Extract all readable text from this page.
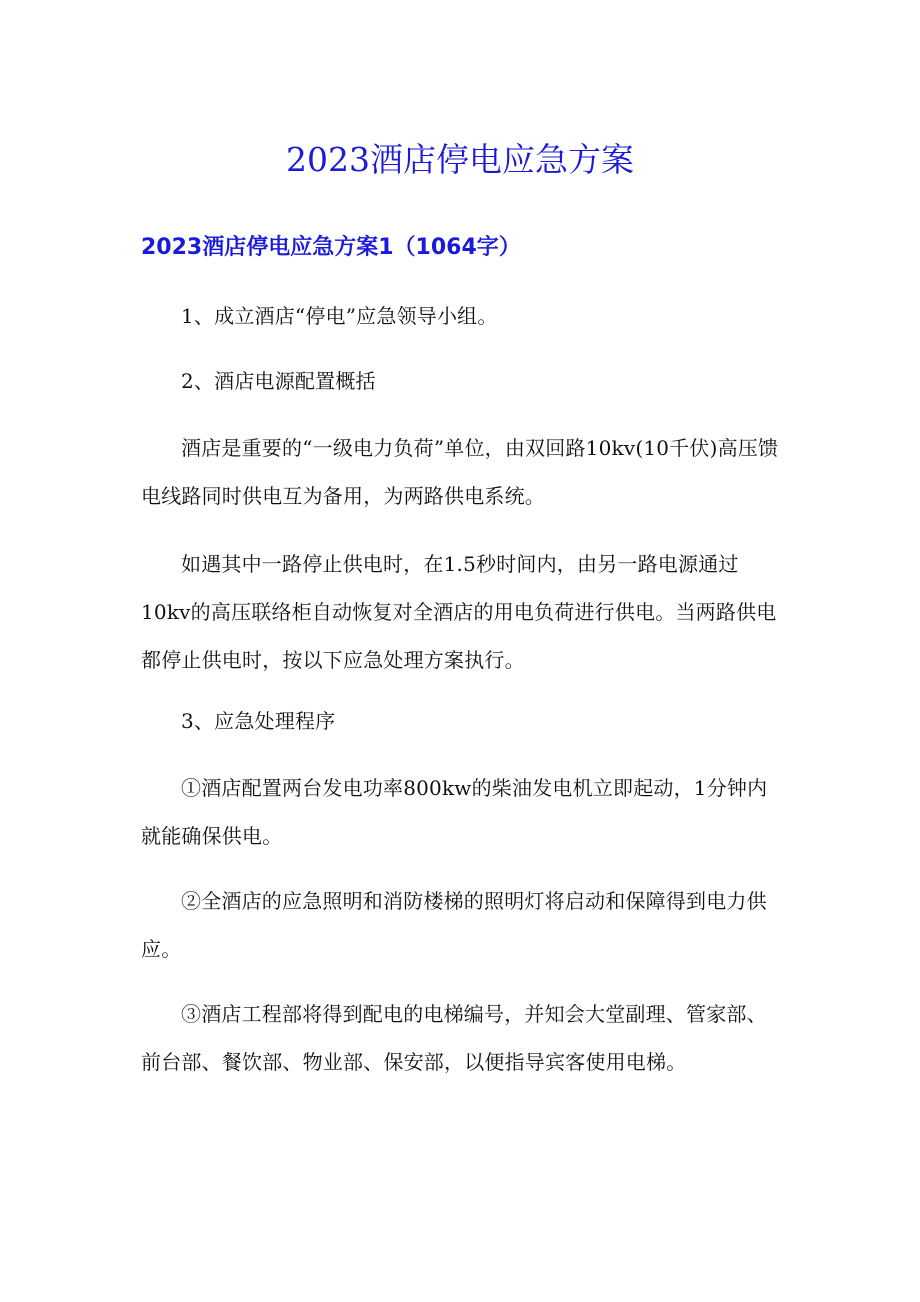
2023酒店停电应急方案
2023酒店停电应急方案1（1064字）
1、成立酒店“停电”应急领导小组。
2、酒店电源配置概括
酒店是重要的“一级电力负荷”单位，由双回路10kv(10千伏)高压馈电线路同时供电互为备用，为两路供电系统。
如遇其中一路停止供电时，在1.5秒时间内，由另一路电源通过10kv的高压联络柜自动恢复对全酒店的用电负荷进行供电。当两路供电都停止供电时，按以下应急处理方案执行。
3、应急处理程序
①酒店配置两台发电功率800kw的柴油发电机立即起动，1分钟内就能确保供电。
②全酒店的应急照明和消防楼梯的照明灯将启动和保障得到电力供应。
③酒店工程部将得到配电的电梯编号，并知会大堂副理、管家部、前台部、餐饮部、物业部、保安部，以便指导宾客使用电梯。
